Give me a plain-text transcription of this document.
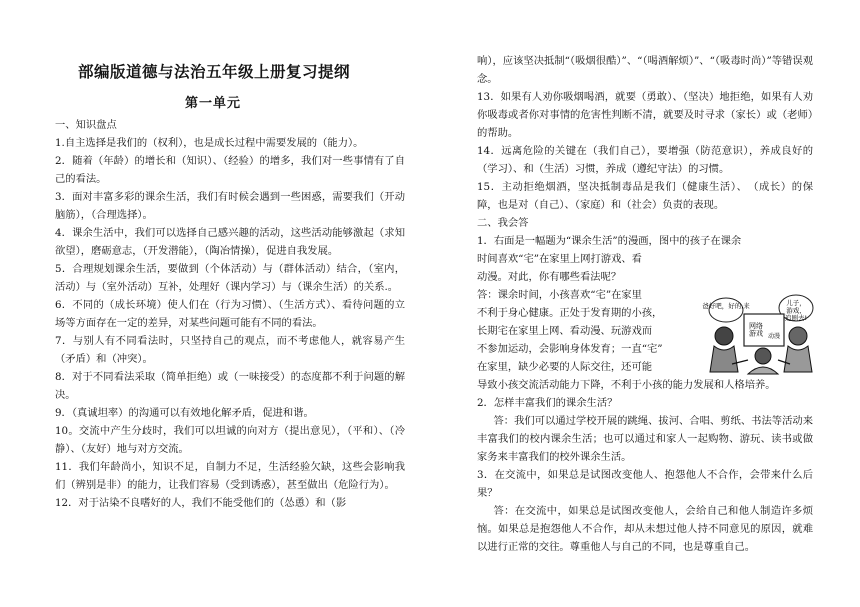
部编版道德与法治五年级上册复习提纲
第一单元

一、知识盘点

1.自主选择是我们的（权利），也是成长过程中需要发展的（能力）。

2．随着（年龄）的增长和（知识）、（经验）的增多，我们对一些事情有了自己的看法。

3．面对丰富多彩的课余生活，我们有时候会遇到一些困惑，需要我们（开动脑筋），（合理选择）。

4．课余生活中，我们可以选择自己感兴趣的活动，这些活动能够激起（求知欲望），磨砺意志，（开发潜能），（陶冶情操），促进自我发展。

5．合理规划课余生活，要做到（个体活动）与（群体活动）结合，（室内，活动）与（室外活动）互补，处理好（课内学习）与（课余生活）的关系.。

6．不同的（成长环境）使人们在（行为习惯）、（生活方式）、看待问题的立场等方面存在一定的差异，对某些问题可能有不同的看法。

7．与别人有不同看法时，只坚持自己的观点，而不考虑他人，就容易产生（矛盾）和（冲突）。

8．对于不同看法采取（简单拒绝）或（一味接受）的态度都不利于问题的解决。

9．（真诚坦率）的沟通可以有效地化解矛盾，促进和谐。

10。交流中产生分歧时，我们可以坦诚的向对方（提出意见），（平和）、（冷静）、（友好）地与对方交流。

11．我们年龄尚小，知识不足，自制力不足，生活经验欠缺，这些会影响我们（辨别是非）的能力，让我们容易（受到诱惑），甚至做出（危险行为）。

12．对于沾染不良嗜好的人，我们不能受他们的（怂恿）和（影

响），应该坚决抵制“（吸烟很酷）”、“（喝酒解烦）”、“（吸毒时尚）”等错误观念。

13．如果有人劝你吸烟喝酒，就要（勇敢）、（坚决）地拒绝，如果有人劝你吸毒或者你对事情的危害性判断不清，就要及时寻求（家长）或（老师）的帮助。

14．远离危险的关键在（我们自己），要增强（防范意识），养成良好的（学习）、和（生活）习惯，养成（遵纪守法）的习惯。

15．主动拒绝烟酒，坚决抵制毒品是我们（健康生活）、　（成长）的保障，也是对（自己）、（家庭）和（社会）负责的表现。

二、我会答

1．右面是一幅题为“课余生活”的漫画，图中的孩子在课余

时间喜欢“宅”在家里上网打游戏、看

动漫。对此，你有哪些看法呢？

答：课余时间，小孩喜欢“宅”在家里

不利于身心健康。正处于发育期的小孩，

长期宅在家里上网、看动漫、玩游戏而

不参加运动，会影响身体发育；一直“宅”

在家里，缺少必要的人际交往，还可能

导致小孩交流活动能力下降，不利于小孩的能力发展和人格培养。

2．怎样丰富我们的课余生活？

答：我们可以通过学校开展的跳绳、拔河、合唱、剪纸、书法等活动来丰富我们的校内课余生活；也可以通过和家人一起购物、游玩、读书或做家务来丰富我们的校外课余生活。

3．在交流中，如果总是试图改变他人、抱怨他人不合作，会带来什么后果？

答：在交流中，如果总是试图改变他人，会给自己和他人制造许多烦恼。如果总是抱怨他人不合作，却从未想过他人持不同意见的原因，就难以进行正常的交往。尊重他人与自己的不同，也是尊重自己。

爸好吧，好的,来	儿子，游戏，追剧去!
网络游戏 动漫
